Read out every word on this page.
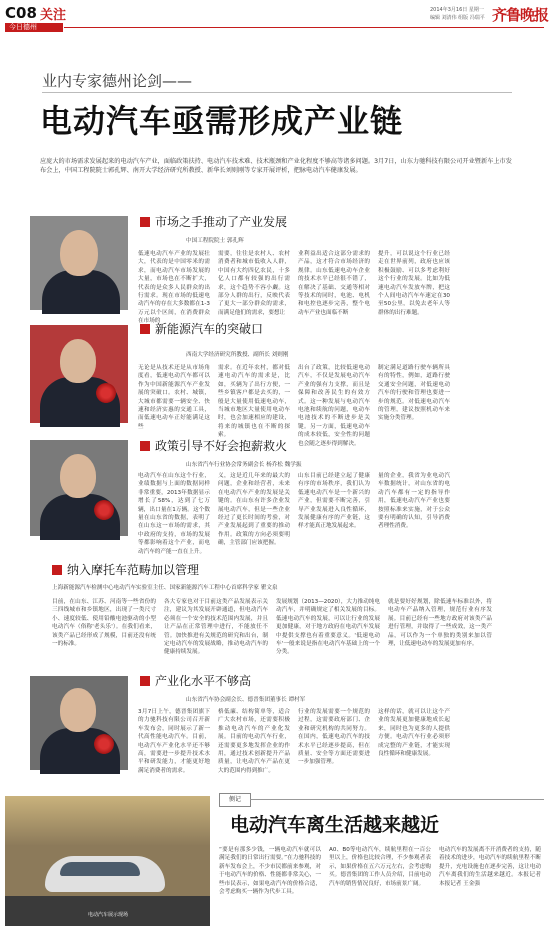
C08 关注
今日德州
2014年3月16日 星期一
编辑 刘清伟 组版 冯瑞平 齐鲁晚报
业内专家德州论剑——
电动汽车亟需形成产业链
应庞大的市场需求发展起来的电动汽车产业，面临政策扶持、电动汽车技术难、技术瓶颈和产业化程度不够高等诸多问题。3月7日，山东力驰科技有限公司开业暨新车上市发布会上，中国工程院院士郭孔辉、南开大学经济研究所教授、新华长刘则刚等专家开展评析，把脉电动汽车健康发展。
市场之手推动了产业发展
中国工程院院士 郭孔辉
低速电动汽车产业的发展壮大，代表的是中国零米的需求，而电动汽车市场发展的大量，市场也在不断扩大，代表的是众多人民群众的出行需求。现在市场的低速电动汽车的存在大多数都在1-3万元以个区间，在消费群众在市场的
需要，往往是农村人、农村消费者和城市低收入人群，中国有大约四亿农民，十多亿人口都有较强的出行需求，这个趋势不容小觑。这部分人群的出行，反映代表了更大一部分群众的需求，而满足他们的需求，要想让
业利益出适合这部分需求的产品，这才符合市场经济的规律。山东低速电动车企业的技术水平已经很不错了，在解决了基础、交通等相对等技术的同时，电池、电机和电控也逐步完善，整个电动车产业也面临不断
提升，可以说这个行业已经走在世界前列，政府也应该积极鼓励、可以多考虑利好这个行业的发展。比如为低速电动汽车发放车牌，把这个人间电动汽车车速定在30至50公里，以免去老年人等群体的出行难题。
新能源汽车的突破口
西南大学经济研究所教授、副所长 刘则刚
无论是从技术还是从市场角度看，低速电动汽车都可以作为中国新能源汽车产业发展的突破口。农村、城镇，大城市都需要一辆安全、快速和经济实惠的交通工具，而低速电动车正好能满足这些
需求。在近年农村，都对低速电动汽车的需求是，比如，买辆为了出行方便，一些乡镇客户都是去买的，一般是大量使用低速电动车，当城市地区大量使用电动车时，也会加速相应的建设，将来的城镇也在不断的探索。
出台了政策，比较低速电动汽车，不仅是发展电动汽车产业的强有力支撑，而且是保障和改善民生的有效方式。这一种发展与电动汽车电池和续航的问题，电动车电池技术的不断进步是关键。另一方面，低速电动车的成本较低，安全性的问题也会随之逐步得到解决。
制定满足道路行驶车辆所具有的特性，例如，道路行驶交通安全问题，对低速电动汽车的行驶和管理也要进一步的规范。对低速电动汽车的管理，建议按照机动车来实施分类管理。
政策引导不好会抱薪救火
山东省汽车行业协会常务副会长 杨乔松 魏学振
电动汽车在山东这个行业，业绩数据与上面的数据同样非常重要，2013年数据显示增长了58%，达到了七万辆，出口量在1万辆。这个数量在山东省的数据，表明了在山东这一市场的需求，其中政府的支持，市场的发展等都影响着这个产业，而电动汽车的产能一直在上升。
义，这是近几年来的最大的问题，企业和经营者，未来在电动汽车产业的发展是关键的。在山东有许多企业发展电动汽车，但是一些企业经过了更长时间的考验，对产业发展起到了重要的推动作用。政策的方向必须要明确，主管部门应该把握。
山东目前已经建立起了健康有序的市场秩序，我们认为低速电动汽车是一个新兴的产业，但需要不断完善，引导产业发展进入良性循环，发展健康有序的产业链，这样才能真正地发展起来。
量的企业，我省为业电动汽车数据统计，对山东省的电动汽车都有一定的指导作用，低速电动汽车产业也要按照标准来实施，对于公众要有明确的认知，引导消费者理性消费。
纳入摩托车范畴加以管理
上海新能源汽车检测中心电动汽车实验室主任、国家新能源汽车工程中心首席科学家 瞿文泉
目前，在山东、江苏、河南等一些省份的三四线城市和乡镇地区，出现了一类尺寸小、速度较低、使用铅酸电池驱动的小型电动汽车（俗称'老头乐'）。在我们看来，该类产品已经形成了规模，目前还没有统一的标准。
各大专家也对于目前这类产品发展表示关注，建议为其发展开辟通道，但电动汽车必须在一个安全的技术范围内发展，并且让产品在正常管理中进行，不能放任不管。加快推进有关规范的研究和出台，制定电动汽车的发展战略，推动电动汽车的健康持续发展。
发展规划（2013—2020），大力推动纯电动汽车，并明确规定了相关发展的目标。低速电动汽车的发展，可以让行业的发展更加健康，对于地方政府在电动汽车发展中提供支撑也有着重要意义。'低速电动车'一般来说是指在电动汽车基础上的一个分类。
就是要好好规划，除低速车标准以外，将电动车产品纳入管理，规范行业有序发展。目前已经有一些地方政府对该类产品进行管理，并取得了一些成效，这一类产品，可以作为一个单独的类别来加以管理，让低速电动车的发展更加有序。
产业化水平不够高
山东省汽车协会副会长、德晋集团董事长 谭村军
3月7日上午，德晋集团旗下的力驰科技有限公司召开新车发布会，同时展示了新一代高性能电动汽车。目前，电动汽车产业化水平还不够高，需要进一步提升技术水平和研发能力，才能更好地满足消费者的需求。
格低廉、结构简单等，适合广大农村市场，还需要积极推动电动汽车的产业化发展。目前的电动汽车行业，还需要更多地发挥企业的作用，通过技术创新提升产品质量，让电动汽车产品在更大的范围内得到推广。
行业的发展需要一个规范的过程，这需要政府部门、企业和研究机构的共同努力。在国内，低速电动汽车的技术水平已经逐步提高，但在质量、安全等方面还需要进一步加强管理。
这样的话，就可以让这个产业的发展更加健康地成长起来，同时也为更多的人提供方便。电动汽车行业必须形成完整的产业链，才能实现良性循环和健康发展。
电动汽车展示现场
侧记
电动汽车离生活越来越近
“要是有那多少钱，一辆电动汽车就可以满足我们的日常出行需要。”在力驰科技的新车发布会上，不少市民都前来参观，对于电动汽车的价格、性能都非常关心，一些市民表示，如果电动汽车的价格合适，会考虑购买一辆作为代步工具。
A0、B0等电动汽车，续航里程在一百公里以上，价格也比较合理，不少参观者表示，如果价格在五六万元左右，会考虑购买。德晋集团的工作人员介绍，目前电动汽车的销售情况良好，市场前景广阔。
电动汽车的发展离不开消费者的支持，随着技术的进步，电动汽车的续航里程不断提升，充电设施也在逐步完善，这让电动汽车离我们的生活越来越近。本报记者 本报记者 王金强
